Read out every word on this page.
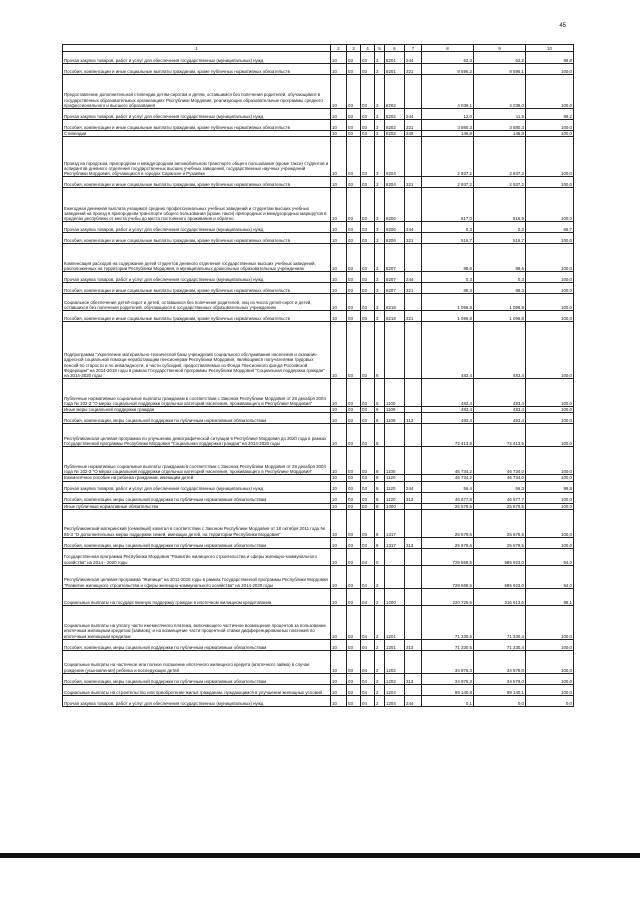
45
1	2	3	4	5	6	7	8	9	10
Прочая закупка товаров, работ и услуг для обеспечения государственных (муниципальных) нужд	10	03	03	3	8201	244	62,3	62,2	99,8
Пособия, компенсации и иные социальные выплаты гражданам, кроме публичных нормативных обязательств	10	03	03	3	8201	321	8 596,2	8 596,1	100,0
Предоставление дополнительной стипендии детям-сиротам и детям, оставшимся без попечения родителей, обучающимся в государственных образовательных организациях Республики Мордовия, реализующих образовательные программы среднего профессионального и высшего образования	10	03	03	3	8202		4 039,1	4 039,0	100,0
Прочая закупка товаров, работ и услуг для обеспечения государственных (муниципальных) нужд	10	03	03	3	8202	244	12,0	11,9	99,2
Пособия, компенсации и иные социальные выплаты гражданам, кроме публичных нормативных обязательств	10	03	03	3	8202	321	3 880,3	3 880,3	100,0
Стипендии	10	03	03	3	8202	340	146,8	146,8	100,0
Проезд на городском, пригородном и междугородном автомобильном транспорте общего пользования (кроме такси) студентов и аспирантов дневного отделения государственных высших учебных заведений, государственных научных учреждений Республики Мордовия, обучающихся в городах Саранске и Рузаевке	10	03	03	3	8204		2 937,2	2 937,2	100,0
Пособия, компенсации и иные социальные выплаты гражданам, кроме публичных нормативных обязательств	10	03	03	3	8204	321	2 937,2	2 937,2	100,0
Ежегодная денежная выплата учащимся средних профессиональных учебных заведений и студентам высших учебных заведений на проезд в пригородном транспорте общего пользования (кроме такси) пригородных и междугородных маршрутов в пределах республики от места учебы до места постоянного проживания и обратно	10	03	03	3	8206		517,0	516,9	100,0
Прочая закупка товаров, работ и услуг для обеспечения государственных (муниципальных) нужд	10	03	03	3	8206	244	0,3	0,2	66,7
Пособия, компенсации и иные социальные выплаты гражданам, кроме публичных нормативных обязательств	10	03	03	3	8206	321	516,7	516,7	100,0
Компенсация расходов на содержание детей студентов дневного отделения государственных высших учебных заведений, расположенных на территории Республики Мордовия, в муниципальных дошкольных образовательных учреждениях	10	03	03	3	8207		88,6	88,6	100,0
Прочая закупка товаров, работ и услуг для обеспечения государственных (муниципальных) нужд	10	03	03	3	8207	244	0,3	0,3	100,0
Пособия, компенсации и иные социальные выплаты гражданам, кроме публичных нормативных обязательств	10	03	03	3	8207	321	88,3	88,3	100,0
Социальное обеспечение детей-сирот и детей, оставшихся без попечения родителей, лиц из числа детей-сирот и детей, оставшихся без попечения родителей, обучающихся в государственных образовательных учреждениях	10	03	03	3	8218		1 096,8	1 096,8	100,0
Пособия, компенсации и иные социальные выплаты гражданам, кроме публичных нормативных обязательств	10	03	03	3	8218	321	1 096,8	1 096,8	100,0
Подпрограмма "Укрепление материально-технической базы учреждений социального обслуживания населения и оказание адресной социальной помощи неработающим пенсионерам Республики Мордовия, являющимся получателями трудовых пенсий по старости и по инвалидности, в части субсидий, предоставляемых из Фонда Пенсионного фонда Российской Федерации" на 2014-2018 годы в рамках Государственной программы Республики Мордовия "Социальная поддержка граждан" на 2014-2020 годы	10	03	03	6			483,4	483,4	100,0
Публичные нормативные социальные выплаты гражданам в соответствии с Законом Республики Мордовия от 28 декабря 2004 года № 102-З "О мерах социальной поддержки отдельных категорий населения, проживающего в Республике Мордовия"	10	03	03	6	1100		483,4	483,4	100,0
Иные меры социальной поддержки граждан	10	03	03	6	1109		483,4	483,4	100,0
Пособия, компенсации, меры социальной поддержки по публичным нормативным обязательствам	10	03	03	6	1109	313	483,4	483,4	100,0
Республиканская целевая программа по улучшению демографической ситуации в Республике Мордовия до 2020 года в рамках Государственной программы Республики Мордовия "Социальная поддержка граждан" на 2014-2020 годы	10	03	03	8			72 413,8	72 413,5	100,0
Публичные нормативные социальные выплаты гражданам в соответствии с Законом Республики Мордовия от 28 декабря 2004 года № 102-З "О мерах социальной поддержки отдельных категорий населения, проживающего в Республике Мордовия"	10	03	03	8	1100		46 734,2	46 734,0	100,0
Ежемесячное пособие на ребенка гражданам, имеющим детей	10	03	03	8	1120		46 734,2	46 734,0	100,0
Прочая закупка товаров, работ и услуг для обеспечения государственных (муниципальных) нужд	10	03	03	8	1120	244	56,4	56,3	99,8
Пособия, компенсации, меры социальной поддержки по публичным нормативным обязательствам	10	03	03	8	1120	313	46 677,8	46 677,7	100,0
Иные публичные нормативные обязательства	10	03	03	8	1300		25 679,6	25 679,5	100,0
Республиканский материнский (семейный) капитал в соответствии с Законом Республики Мордовия от 18 октября 2011 года № 65-З "О дополнительных мерах поддержки семей, имеющих детей, на территории Республики Мордовия"	10	03	03	8	1317		25 679,6	25 679,5	100,0
Пособия, компенсации, меры социальной поддержки по публичным нормативным обязательствам	10	03	03	8	1317	313	25 679,6	25 679,5	100,0
Государственная программа Республики Мордовия "Развитие жилищного строительства и сферы жилищно-коммунального хозяйства" на 2014 - 2020 годы	10	03	04	0			729 569,5	685 923,0	94,0
Республиканская целевая программа "Жилище" на 2011-2015 годы в рамках Государственной программы Республики Мордовия "Развитие жилищного строительства и сферы жилищно-коммунального хозяйства" на 2014-2020 годы	10	03	04	2			729 569,5	685 923,0	94,0
Социальные выплаты на государственную поддержку граждан в ипотечном жилищном кредитовании	10	03	04	2	1200		220 725,6	216 613,6	98,1
Социальные выплаты на уплату части ежемесячного платежа, включающего частичное возмещение процентов за пользование ипотечным жилищным кредитом (займом), и на возмещение части процентной ставки дифференцированных платежей по ипотечным жилищным кредитам	10	03	04	2	1201		71 330,5	71 330,4	100,0
Пособия, компенсации, меры социальной поддержки по публичным нормативным обязательствам	10	03	04	2	1201	313	71 330,5	71 330,4	100,0
Социальные выплаты на частичное или полное погашение ипотечного жилищного кредита (ипотечного займа) в случае рождения (усыновления) ребенка и последующих детей	10	03	04	2	1202		34 876,3	34 579,0	100,0
Пособия, компенсации, меры социальной поддержки по публичным нормативным обязательствам	10	03	04	2	1202	313	34 876,3	34 579,0	100,0
Социальные выплаты на строительство или приобретение жилья гражданам, нуждающимся в улучшении жилищных условий	10	03	04	2	1204		89 140,8	89 140,1	100,0
Прочая закупка товаров, работ и услуг для обеспечения государственных (муниципальных) нужд	10	03	04	2	1204	244	0,1	0,0	0,0
